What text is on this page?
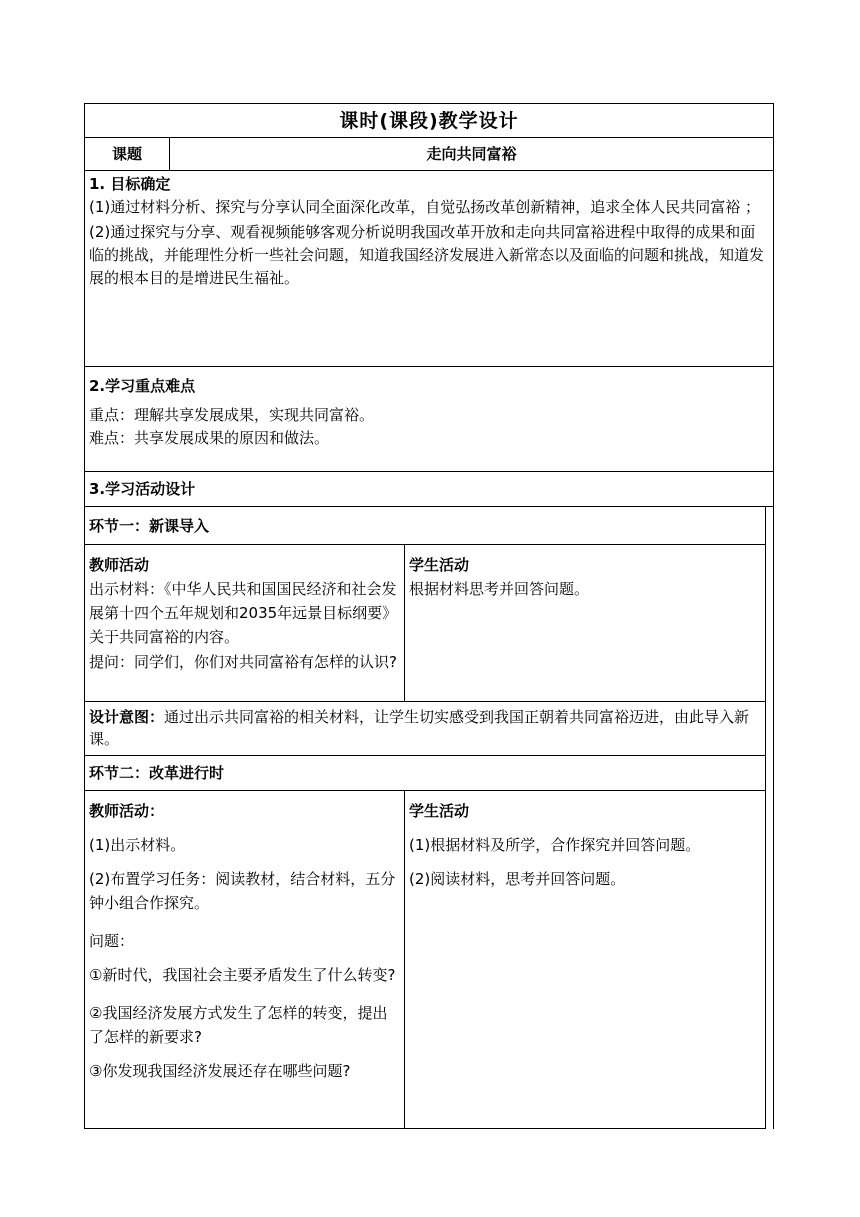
课时(课段)教学设计
课题	走向共同富裕

1. 目标确定

(1)通过材料分析、探究与分享认同全面深化改革，自觉弘扬改革创新精神，追求全体人民共同富裕 ；

(2)通过探究与分享、观看视频能够客观分析说明我国改革开放和走向共同富裕进程中取得的成果和面临的挑战，并能理性分析一些社会问题，知道我国经济发展进入新常态以及面临的问题和挑战，知道发展的根本目的是增进民生福祉。

2.学习重点难点

重点：理解共享发展成果，实现共同富裕。

难点：共享发展成果的原因和做法。

3.学习活动设计
环节一：新课导入

教师活动

出示材料：《中华人民共和国国民经济和社会发展第十四个五年规划和2035年远景目标纲要》关于共同富裕的内容。

提问：同学们，你们对共同富裕有怎样的认识?

学生活动

根据材料思考并回答问题。

设计意图：通过出示共同富裕的相关材料，让学生切实感受到我国正朝着共同富裕迈进，由此导入新课。
环节二：改革进行时

教师活动：

(1)出示材料。

(2)布置学习任务：阅读教材，结合材料，五分钟小组合作探究。

问题：

①新时代，我国社会主要矛盾发生了什么转变?

②我国经济发展方式发生了怎样的转变，提出了怎样的新要求?

③你发现我国经济发展还存在哪些问题?

学生活动

(1)根据材料及所学，合作探究并回答问题。

(2)阅读材料，思考并回答问题。
